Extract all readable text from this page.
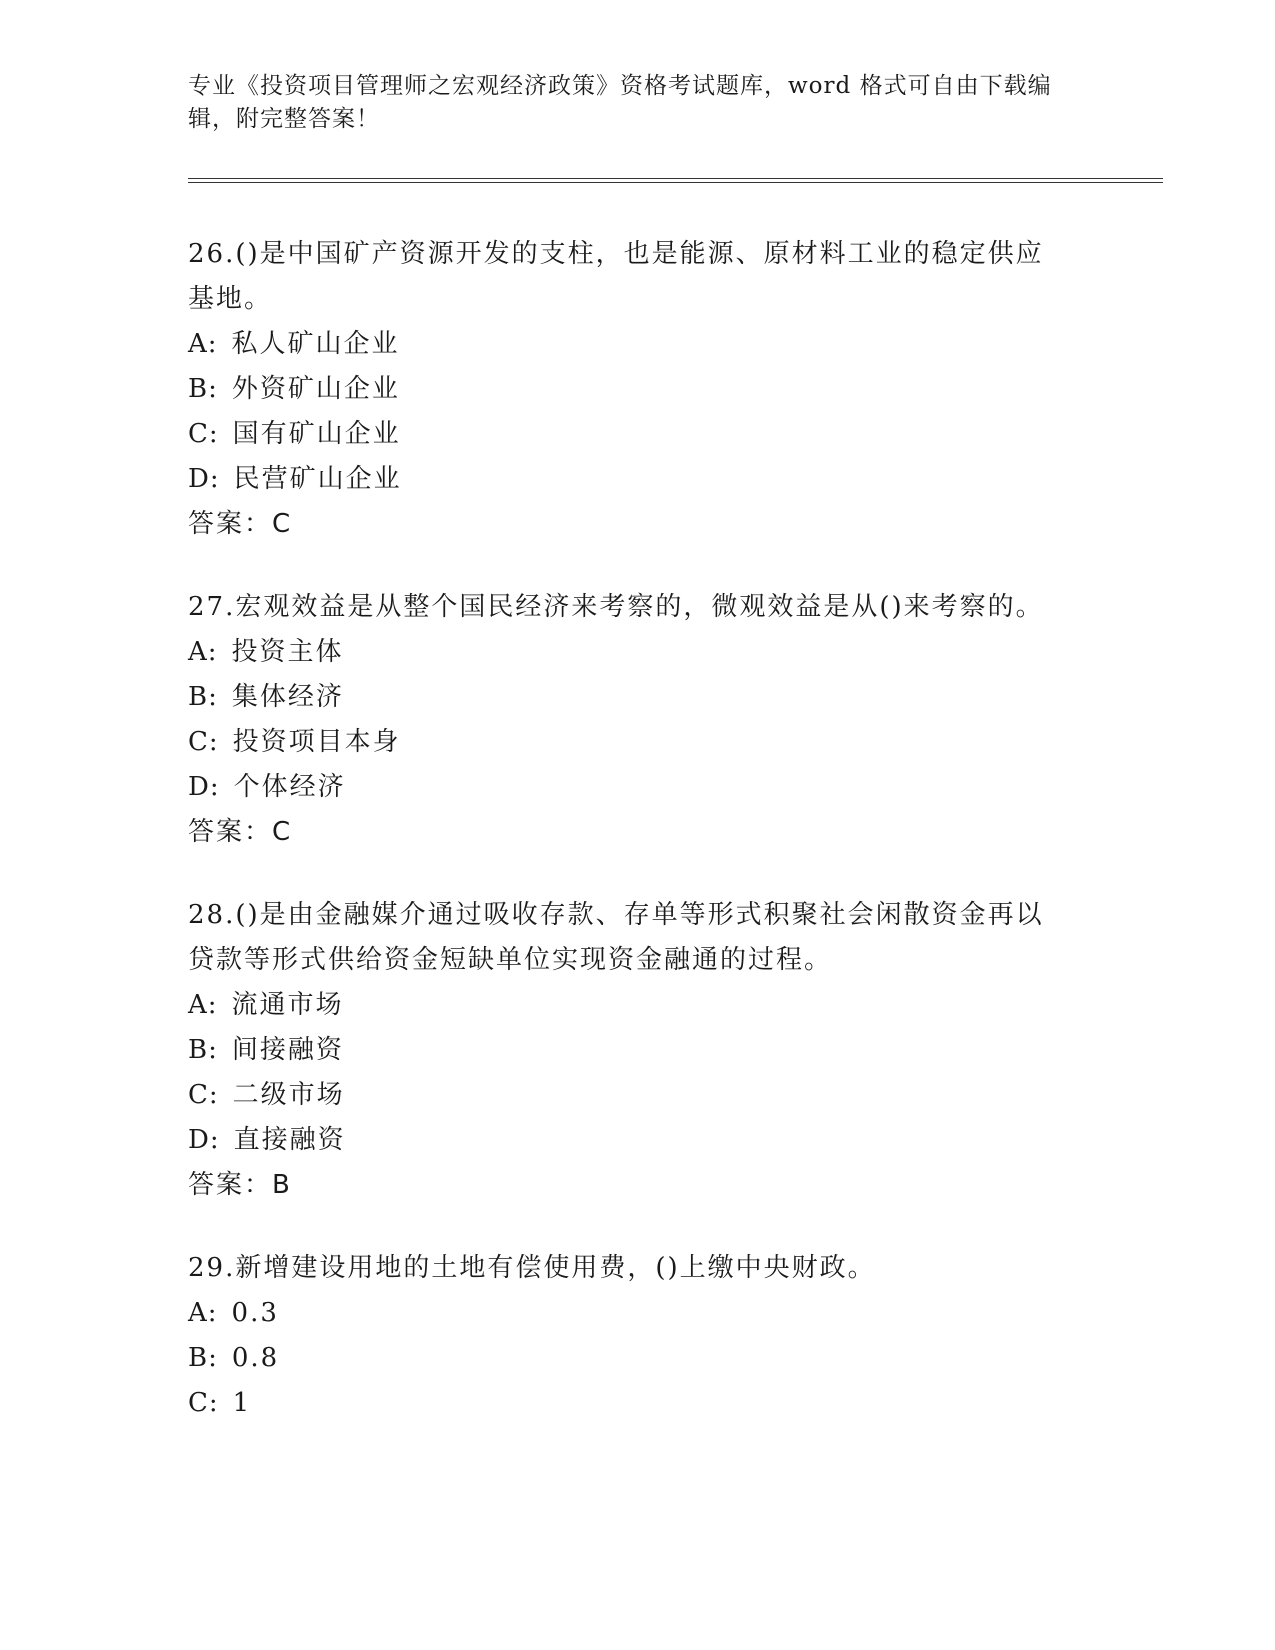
专业《投资项目管理师之宏观经济政策》资格考试题库，word 格式可自由下载编
辑，附完整答案！

26.()是中国矿产资源开发的支柱，也是能源、原材料工业的稳定供应

基地。

A: 私人矿山企业

B: 外资矿山企业

C: 国有矿山企业

D: 民营矿山企业

答案：C

27.宏观效益是从整个国民经济来考察的，微观效益是从()来考察的。

A: 投资主体

B: 集体经济

C: 投资项目本身

D: 个体经济

答案：C

28.()是由金融媒介通过吸收存款、存单等形式积聚社会闲散资金再以

贷款等形式供给资金短缺单位实现资金融通的过程。

A: 流通市场

B: 间接融资

C: 二级市场

D: 直接融资

答案：B

29.新增建设用地的土地有偿使用费，()上缴中央财政。

A: 0.3

B: 0.8

C: 1
